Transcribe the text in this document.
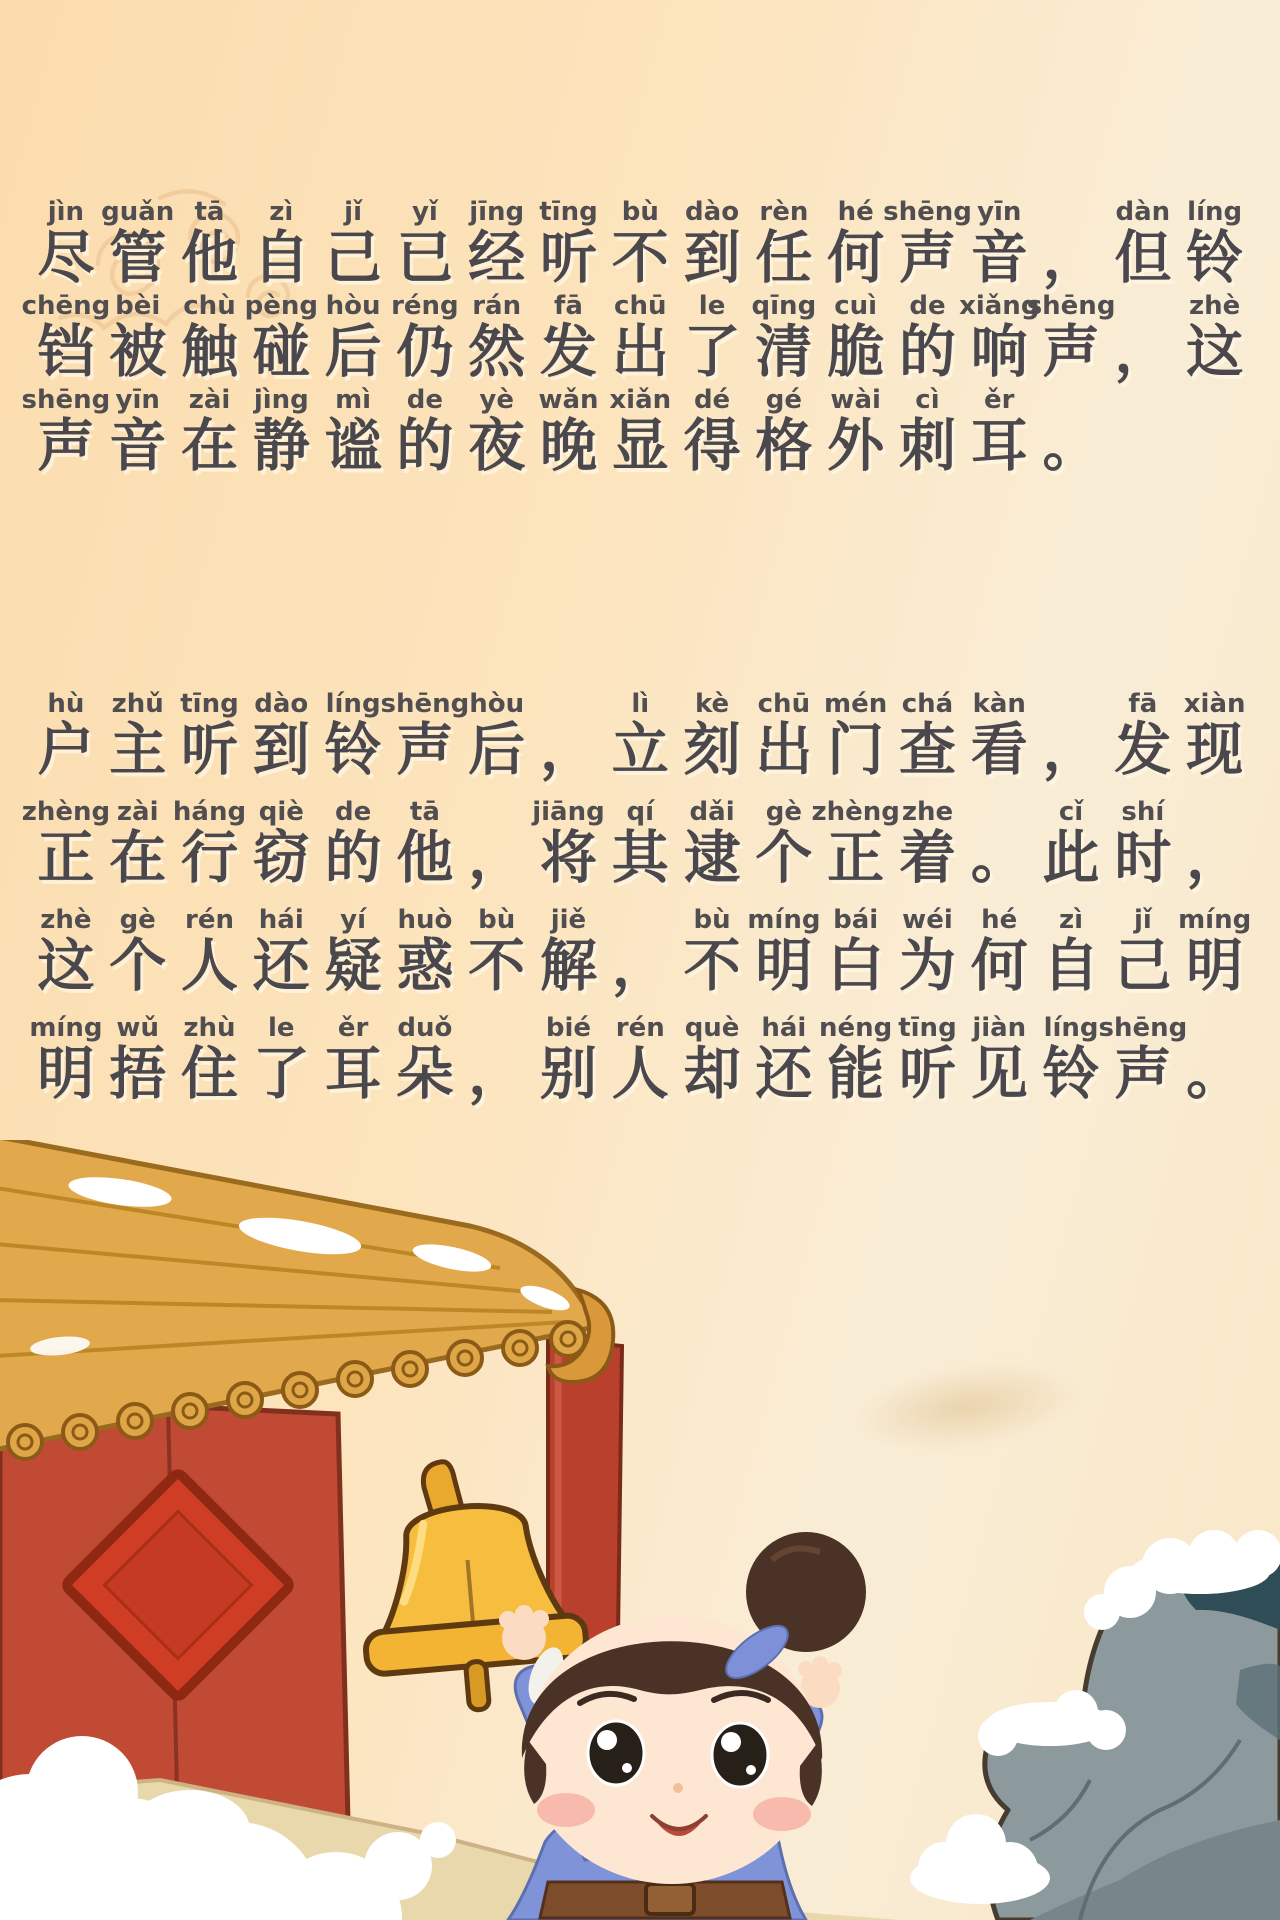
jìn
尽
guǎn
管
tā
他
zì
自
jǐ
己
yǐ
已
jīng
经
tīng
听
bù
不
dào
到
rèn
任
hé
何
shēng
声
yīn
音 ，
dàn
但
líng
铃
chēng
铛
bèi
被
chù
触
pèng
碰
hòu
后
réng
仍
rán
然
fā
发
chū
出
le
了
qīng
清
cuì
脆
de
的
xiǎng
响
shēng
声 ，
zhè
这
shēng
声
yīn
音
zài
在
jìng
静
mì
谧
de
的
yè
夜
wǎn
晚
xiǎn
显
dé
得
gé
格
wài
外
cì
刺
ěr
耳 。
hù
户
zhǔ
主
tīng
听
dào
到
líng
铃
shēng
声
hòu
后 ，
lì
立
kè
刻
chū
出
mén
门
chá
查
kàn
看 ，
fā
发
xiàn
现
zhèng
正
zài
在
háng
行
qiè
窃
de
的
tā
他 ，
jiāng
将
qí
其
dǎi
逮
gè
个
zhèng
正
zhe
着 。
cǐ
此
shí
时 ，
zhè
这
gè
个
rén
人
hái
还
yí
疑
huò
惑
bù
不
jiě
解 ，
bù
不
míng
明
bái
白
wéi
为
hé
何
zì
自
jǐ
己
míng
明
míng
明
wǔ
捂
zhù
住
le
了
ěr
耳
duǒ
朵 ，
bié
别
rén
人
què
却
hái
还
néng
能
tīng
听
jiàn
见
líng
铃
shēng
声 。
